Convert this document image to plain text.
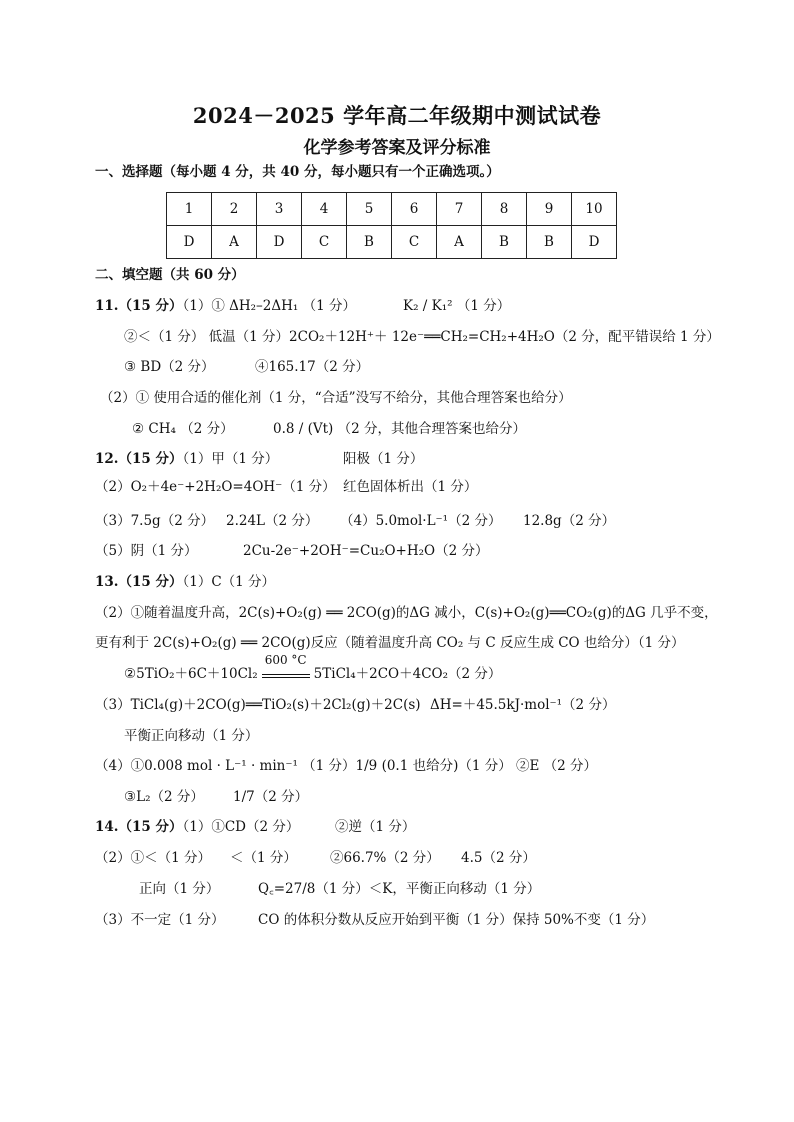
2024－2025 学年高二年级期中测试试卷
化学参考答案及评分标准
一、选择题（每小题 4 分，共 40 分，每小题只有一个正确选项。）
1	2	3	4	5	6	7	8	9	10
D	A	D	C	B	C	A	B	B	D
二、填空题（共 60 分）
11.（15 分）（1）① ΔH₂–2ΔH₁ （1 分）	K₂ / K₁² （1 分）
②＜（1 分） 低温（1 分）2CO₂＋12H⁺＋ 12e⁻══CH₂=CH₂+4H₂O（2 分，配平错误给 1 分）
③ BD（2 分）	④165.17（2 分）
（2）① 使用合适的催化剂（1 分，“合适”没写不给分，其他合理答案也给分）
② CH₄ （2 分）	0.8 / (Vt) （2 分，其他合理答案也给分）
12.（15 分）（1）甲（1 分）	阳极（1 分）
（2）O₂＋4e⁻+2H₂O=4OH⁻（1 分） 红色固体析出（1 分）
（3）7.5g（2 分） 2.24L（2 分） （4）5.0mol·L⁻¹（2 分） 12.8g（2 分）
（5）阴（1 分）	2Cu-2e⁻+2OH⁻=Cu₂O+H₂O（2 分）
13.（15 分）（1）C（1 分）
（2）①随着温度升高，2C(s)+O₂(g) ══ 2CO(g)的ΔG 减小，C(s)+O₂(g)══CO₂(g)的ΔG 几乎不变，
更有利于 2C(s)+O₂(g) ══ 2CO(g)反应（随着温度升高 CO₂ 与 C 反应生成 CO 也给分）（1 分）
②5TiO₂＋6C＋10Cl₂
600 °C
5TiCl₄＋2CO＋4CO₂（2 分）
（3）TiCl₄(g)＋2CO(g)══TiO₂(s)＋2Cl₂(g)＋2C(s) ΔH=＋45.5kJ·mol⁻¹（2 分）
平衡正向移动（1 分）
（4）①0.008 mol · L⁻¹ · min⁻¹ （1 分）1/9 (0.1 也给分)（1 分） ②E （2 分）
③L₂（2 分） 1/7（2 分）
14.（15 分）（1）①CD（2 分）	②逆（1 分）
（2）①＜（1 分） ＜（1 分） ②66.7%（2 分） 4.5（2 分）
正向（1 分）	Q꜀=27/8（1 分）＜K，平衡正向移动（1 分）
（3）不一定（1 分） CO 的体积分数从反应开始到平衡（1 分）保持 50%不变（1 分）
